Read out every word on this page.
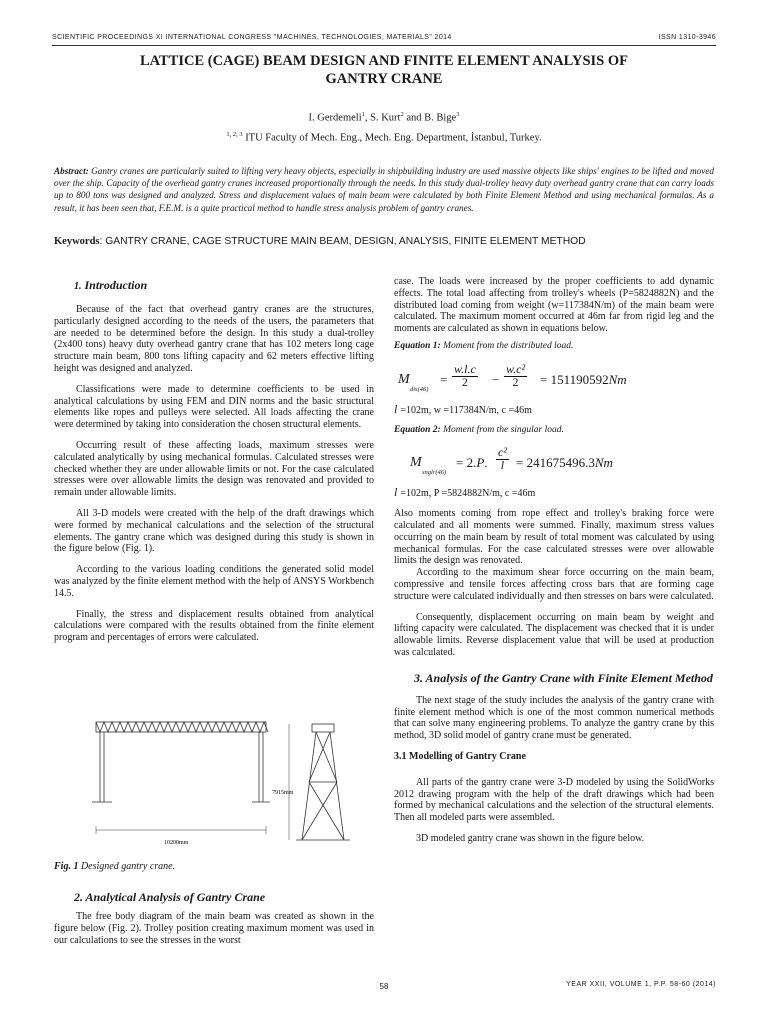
SCIENTIFIC PROCEEDINGS XI INTERNATIONAL CONGRESS "MACHINES, TECHNOLOGIES, MATERIALS" 2014	ISSN 1310-3946
LATTICE (CAGE) BEAM DESIGN AND FINITE ELEMENT ANALYSIS OF
GANTRY CRANE
I. Gerdemeli$^1$, S. Kurt$^2$ and B. Bige$^3$
$^{1, 2, 3}$ ITU Faculty of Mech. Eng., Mech. Eng. Department, İstanbul, Turkey.
Abstract: Gantry cranes are particularly suited to lifting very heavy objects, especially in shipbuilding industry are used massive objects like ships' engines to be lifted and moved over the ship. Capacity of the overhead gantry cranes increased proportionally through the needs. In this study dual-trolley heavy duty overhead gantry crane that can carry loads up to 800 tons was designed and analyzed. Stress and displacement values of main beam were calculated by both Finite Element Method and using mechanical formulas. As a result, it has been seen that, F.E.M. is a quite practical method to handle stress analysis problem of gantry cranes.
Keywords: GANTRY CRANE, CAGE STRUCTURE MAIN BEAM, DESIGN, ANALYSIS, FINITE ELEMENT METHOD
1. Introduction

Because of the fact that overhead gantry cranes are the structures, particularly designed according to the needs of the users, the parameters that are needed to be determined before the design. In this study a dual-trolley (2x400 tons) heavy duty overhead gantry crane that has 102 meters long cage structure main beam, 800 tons lifting capacity and 62 meters effective lifting height was designed and analyzed.

Classifications were made to determine coefficients to be used in analytical calculations by using FEM and DIN norms and the basic structural elements like ropes and pulleys were selected. All loads affecting the crane were determined by taking into consideration the chosen structural elements.

Occurring result of these affecting loads, maximum stresses were calculated analytically by using mechanical formulas. Calculated stresses were checked whether they are under allowable limits or not. For the case calculated stresses were over allowable limits the design was renovated and provided to remain under allowable limits.

All 3-D models were created with the help of the draft drawings which were formed by mechanical calculations and the selection of the structural elements. The gantry crane which was designed during this study is shown in the figure below (Fig. 1).

According to the various loading conditions the generated solid model was analyzed by the finite element method with the help of ANSYS Workbench 14.5.

Finally, the stress and displacement results obtained from analytical calculations were compared with the results obtained from the finite element program and percentages of errors were calculated.

10200mm
7915mm
Fig. 1 Designed gantry crane.
2. Analytical Analysis of Gantry Crane

The free body diagram of the main beam was created as shown in the figure below (Fig. 2). Trolley position creating maximum moment was used in our calculations to see the stresses in the worst

case. The loads were increased by the proper coefficients to add dynamic effects. The total load affecting from trolley's wheels (P=5824882N) and the distributed load coming from weight (w=117384N/m) of the main beam were calculated. The maximum moment occurred at 46m far from rigid leg and the moments are calculated as shown in equations below.

Equation 1: Moment from the distributed load.

M
dis(46)
= $\frac{w.l.c}{2} - \frac{\text{w.c²}}{2} = 151190592Nm$
l =102m, w =117384N/m, c =46m

Equation 2: Moment from the singular load.

M
snglr(46)
= 2.P. $\frac{\text{c²}}{l} = 241675496.3Nm$
l =102m, P =5824882N/m, c =46m

Also moments coming from rope effect and trolley's braking force were calculated and all moments were summed. Finally, maximum stress values occurring on the main beam by result of total moment was calculated by using mechanical formulas. For the case calculated stresses were over allowable limits the design was renovated.

According to the maximum shear force occurring on the main beam, compressive and tensile forces affecting cross bars that are forming cage structure were calculated individually and then stresses on bars were calculated.

Consequently, displacement occurring on main beam by weight and lifting capacity were calculated. The displacement was checked that it is under allowable limits. Reverse displacement value that will be used at production was calculated.

3. Analysis of the Gantry Crane with Finite Element Method

The next stage of the study includes the analysis of the gantry crane with finite element method which is one of the most common numerical methods that can solve many engineering problems. To analyze the gantry crane by this method, 3D solid model of gantry crane must be generated.

3.1 Modelling of Gantry Crane

All parts of the gantry crane were 3-D modeled by using the SolidWorks 2012 drawing program with the help of the draft drawings which had been formed by mechanical calculations and the selection of the structural elements. Then all modeled parts were assembled.

3D modeled gantry crane was shown in the figure below.

58	YEAR XXII, VOLUME 1, P.P. 58-60 (2014)
